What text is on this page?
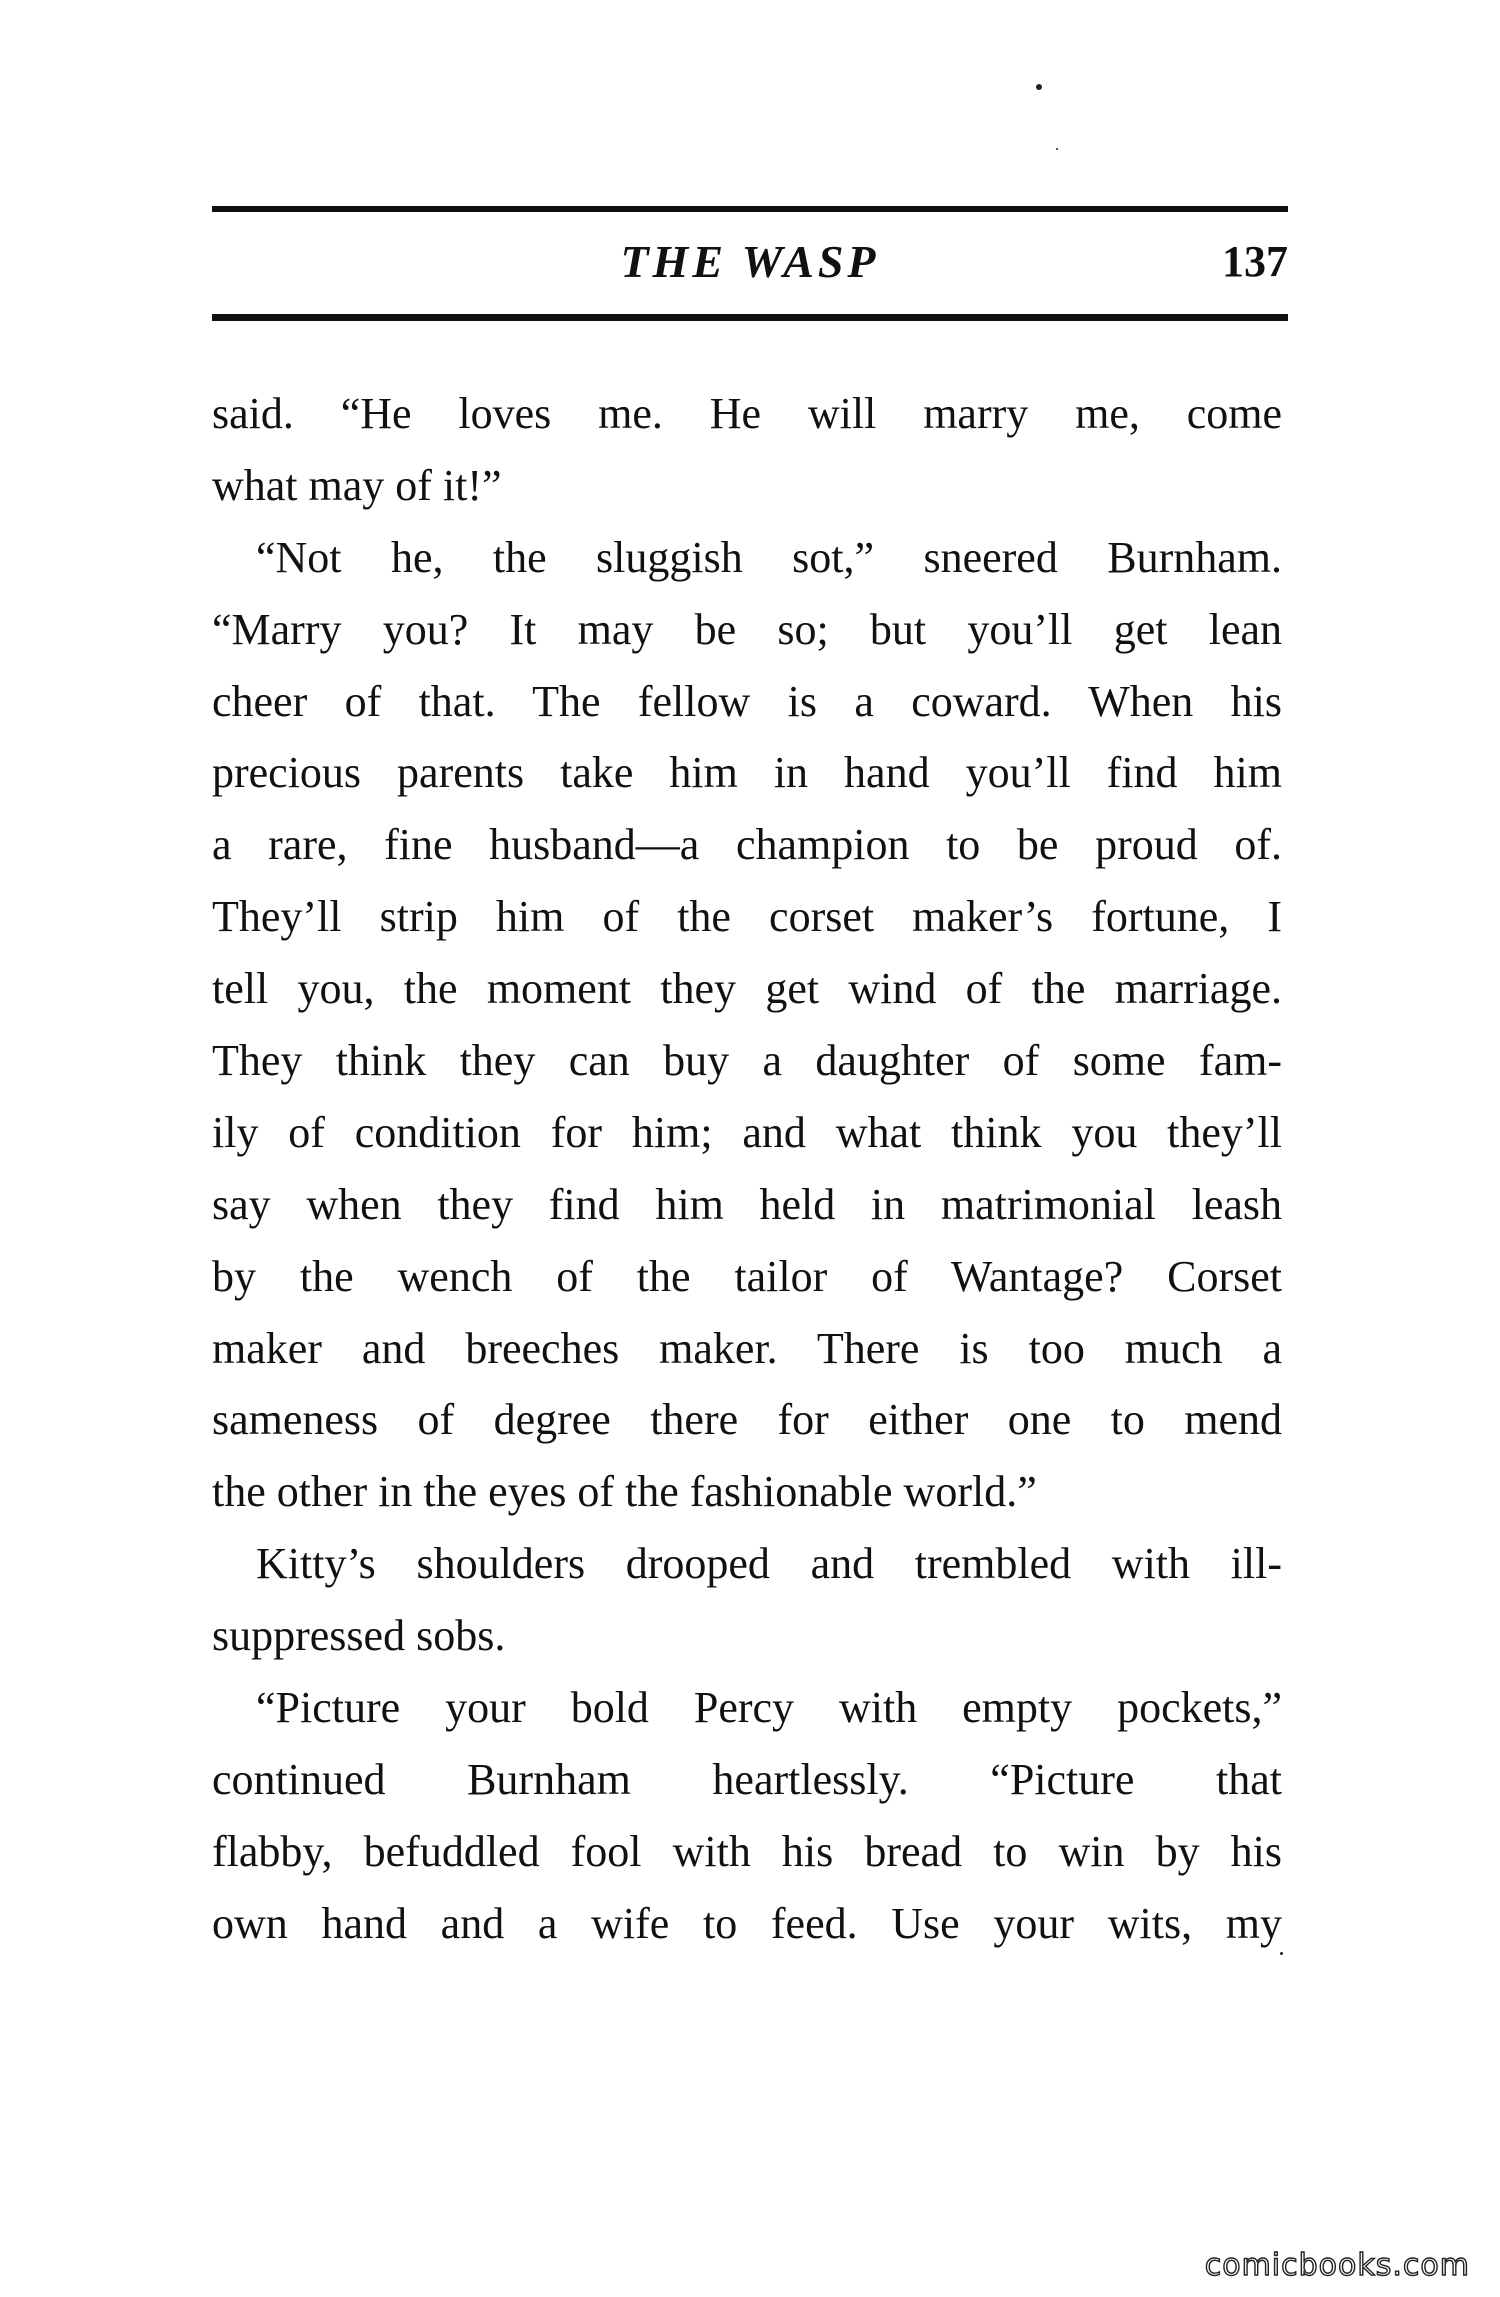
THE WASP	137
said. “He loves me. He will marry me, come
what may of it!”
“Not he, the sluggish sot,” sneered Burnham.
“Marry you? It may be so; but you’ll get lean
cheer of that. The fellow is a coward. When his
precious parents take him in hand you’ll find him
a rare, fine husband—a champion to be proud of.
They’ll strip him of the corset maker’s fortune, I
tell you, the moment they get wind of the marriage.
They think they can buy a daughter of some fam-
ily of condition for him; and what think you they’ll
say when they find him held in matrimonial leash
by the wench of the tailor of Wantage? Corset
maker and breeches maker. There is too much a
sameness of degree there for either one to mend
the other in the eyes of the fashionable world.”
Kitty’s shoulders drooped and trembled with ill-
suppressed sobs.
“Picture your bold Percy with empty pockets,”
continued Burnham heartlessly. “Picture that
flabby, befuddled fool with his bread to win by his
own hand and a wife to feed. Use your wits, my
comicbooks.com
